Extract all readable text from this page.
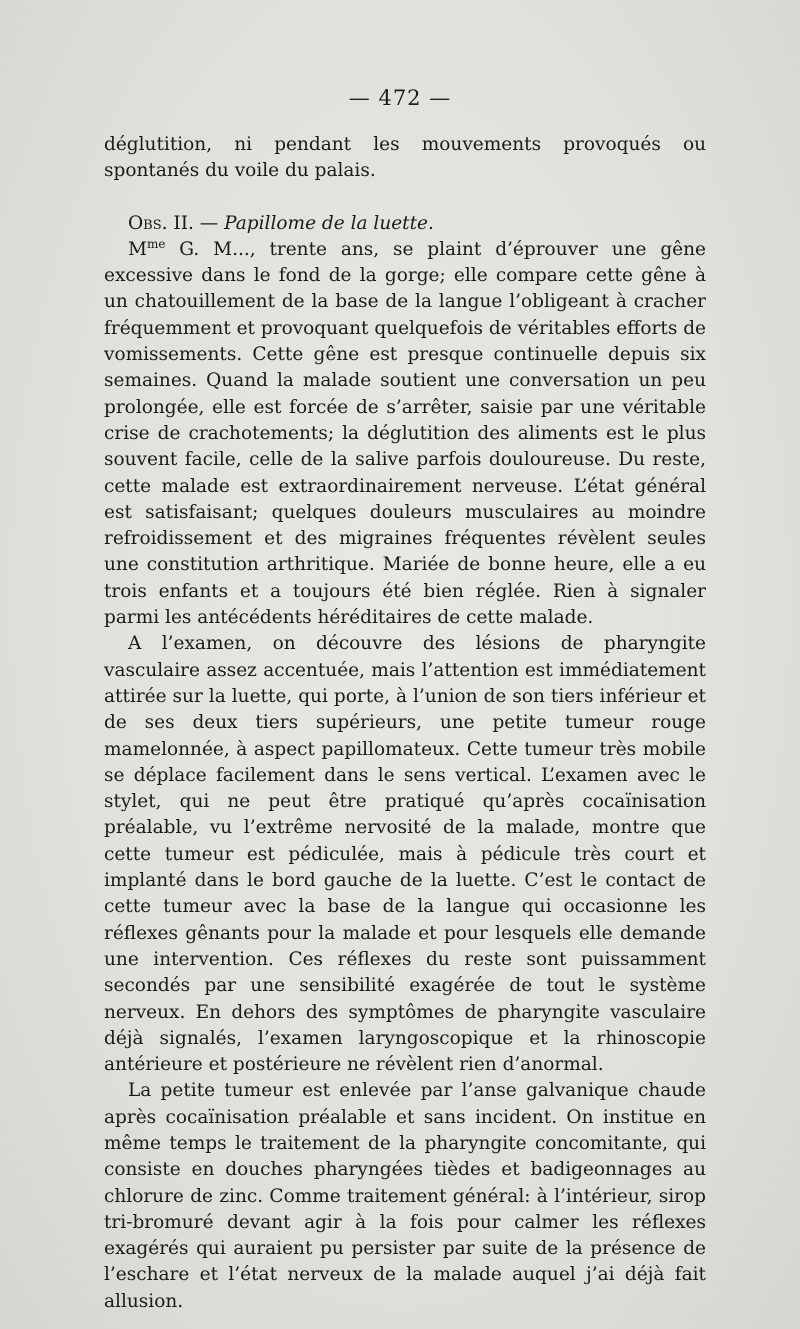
— 472 —

déglutition, ni pendant les mouvements provoqués ou spontanés du voile du palais.

Obs. II. — Papillome de la luette.

$M^{me}$ G. M..., trente ans, se plaint d’éprouver une gêne excessive dans le fond de la gorge; elle compare cette gêne à un chatouillement de la base de la langue l’obligeant à cracher fréquemment et provoquant quelquefois de véritables efforts de vomissements. Cette gêne est presque continuelle depuis six semaines. Quand la malade soutient une conversation un peu prolongée, elle est forcée de s’arrêter, saisie par une véritable crise de crachotements; la déglutition des aliments est le plus souvent facile, celle de la salive parfois douloureuse. Du reste, cette malade est extraordinairement nerveuse. L’état général est satisfaisant; quelques douleurs musculaires au moindre refroidissement et des migraines fréquentes révèlent seules une constitution arthritique. Mariée de bonne heure, elle a eu trois enfants et a toujours été bien réglée. Rien à signaler parmi les antécédents héréditaires de cette malade.

A l’examen, on découvre des lésions de pharyngite vasculaire assez accentuée, mais l’attention est immédiatement attirée sur la luette, qui porte, à l’union de son tiers inférieur et de ses deux tiers supérieurs, une petite tumeur rouge mamelonnée, à aspect papillomateux. Cette tumeur très mobile se déplace facilement dans le sens vertical. L’examen avec le stylet, qui ne peut être pratiqué qu’après cocaïnisation préalable, vu l’extrême nervosité de la malade, montre que cette tumeur est pédiculée, mais à pédicule très court et implanté dans le bord gauche de la luette. C’est le contact de cette tumeur avec la base de la langue qui occasionne les réflexes gênants pour la malade et pour lesquels elle demande une intervention. Ces réflexes du reste sont puissamment secondés par une sensibilité exagérée de tout le système nerveux. En dehors des symptômes de pharyngite vasculaire déjà signalés, l’examen laryngoscopique et la rhinoscopie antérieure et postérieure ne révèlent rien d’anormal.

La petite tumeur est enlevée par l’anse galvanique chaude après cocaïnisation préalable et sans incident. On institue en même temps le traitement de la pharyngite concomitante, qui consiste en douches pharyngées tièdes et badigeonnages au chlorure de zinc. Comme traitement général: à l’intérieur, sirop tri-bromuré devant agir à la fois pour calmer les réflexes exagérés qui auraient pu persister par suite de la présence de l’eschare et l’état nerveux de la malade auquel j’ai déjà fait allusion.
